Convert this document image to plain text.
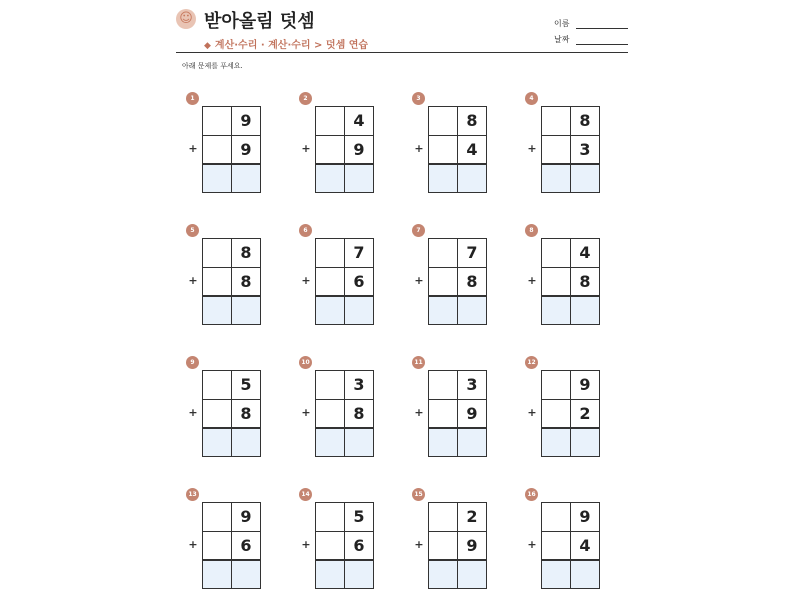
☺ 받아올림 덧셈
◆ 계산·수리 · 계산·수리 > 덧셈 연습
이름
날짜
아래 문제를 푸세요.
1
+
9
9
2
+
4
9
3
+
8
4
4
+
8
3
5
+
8
8
6
+
7
6
7
+
7
8
8
+
4
8
9
+
5
8
10
+
3
8
11
+
3
9
12
+
9
2
13
+
9
6
14
+
5
6
15
+
2
9
16
+
9
4
